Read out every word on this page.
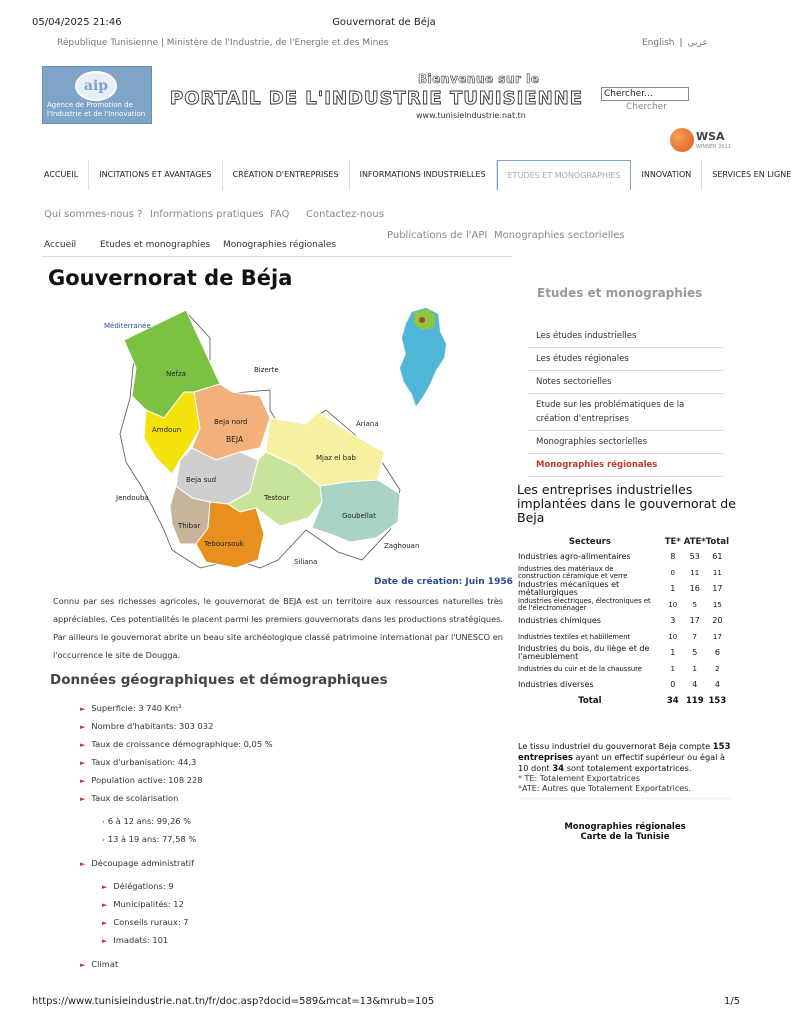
05/04/2025 21:46	Gouvernorat de Béja
République Tunisienne | Ministère de l'Industrie, de l'Energie et des Mines	English | عربي
aip
Agence de Promotion de l'Industrie et de l'Innovation
Bienvenue sur le
PORTAIL DE L'INDUSTRIE TUNISIENNE
www.tunisieindustrie.nat.tn
Chercher...
Chercher
WSA
WINNER 2011
ACCUEIL	INCITATIONS ET AVANTAGES	CRÉATION D'ENTREPRISES	INFORMATIONS INDUSTRIELLES	ETUDES ET MONOGRAPHIES	INNOVATION	SERVICES EN LIGNE
Qui sommes-nous ? Informations pratiques FAQ Contactez-nous
Accueil	Etudes et monographies Monographies régionales
Publications de l'API Monographies sectorielles
Gouvernorat de Béja
Méditerranée
Nefza
Amdoun
Beja nord
BEJA
Beja sud
Thibar
Testour
Teboursouk
Mjaz el bab
Goubellat
Bizerte
Ariana
Jendouba
Siliana
Zaghouan
Date de création: Juin 1956
Connu par ses richesses agricoles, le gouvernorat de BEJA est un territoire aux ressources naturelles très appréciables. Ces potentialités le placent parmi les premiers gouvernorats dans les productions stratégiques. Par ailleurs le gouvernorat abrite un beau site archéologique classé patrimoine international par l'UNESCO en l'occurrence le site de Dougga.
Données géographiques et démographiques
► Superficie: 3 740 Km²
► Nombre d'habitants: 303 032
► Taux de croissance démographique: 0,05 %
► Taux d'urbanisation: 44,3
► Population active: 108 228
► Taux de scolarisation
› 6 à 12 ans: 99,26 %
› 13 à 19 ans: 77,58 %
► Découpage administratif
► Délégations: 9
► Municipalités: 12
► Conseils ruraux: 7
► Imadats: 101
► Climat
Etudes et monographies
Les études industrielles
Les études régionales
Notes sectorielles
Etude sur les problématiques de la création d'entreprises
Monographies sectorielles
Monographies régionales
Les entreprises industrielles implantées dans le gouvernorat de Beja
Secteurs	TE*	ATE*	Total
Industries agro-alimentaires	8	53	61
Industries des matériaux de construction céramique et verre	0	11	11
Industries mécaniques et métallurgiques	1	16	17
Industries électriques, électroniques et de l'électroménager	10	5	15
Industries chimiques	3	17	20
Industries textiles et habillement	10	7	17
Industries du bois, du liège et de l'ameublement	1	5	6
Industries du cuir et de la chaussure	1	1	2
Industries diverses	0	4	4
Total	34	119	153
Le tissu industriel du gouvernorat Beja compte 153 entreprises ayant un effectif supérieur ou égal à 10 dont 34 sont totalement exportatrices.
* TE: Totalement Exportatrices
*ATE: Autres que Totalement Exportatrices.
Monographies régionales
Carte de la Tunisie
https://www.tunisieindustrie.nat.tn/fr/doc.asp?docid=589&mcat=13&mrub=105	1/5
